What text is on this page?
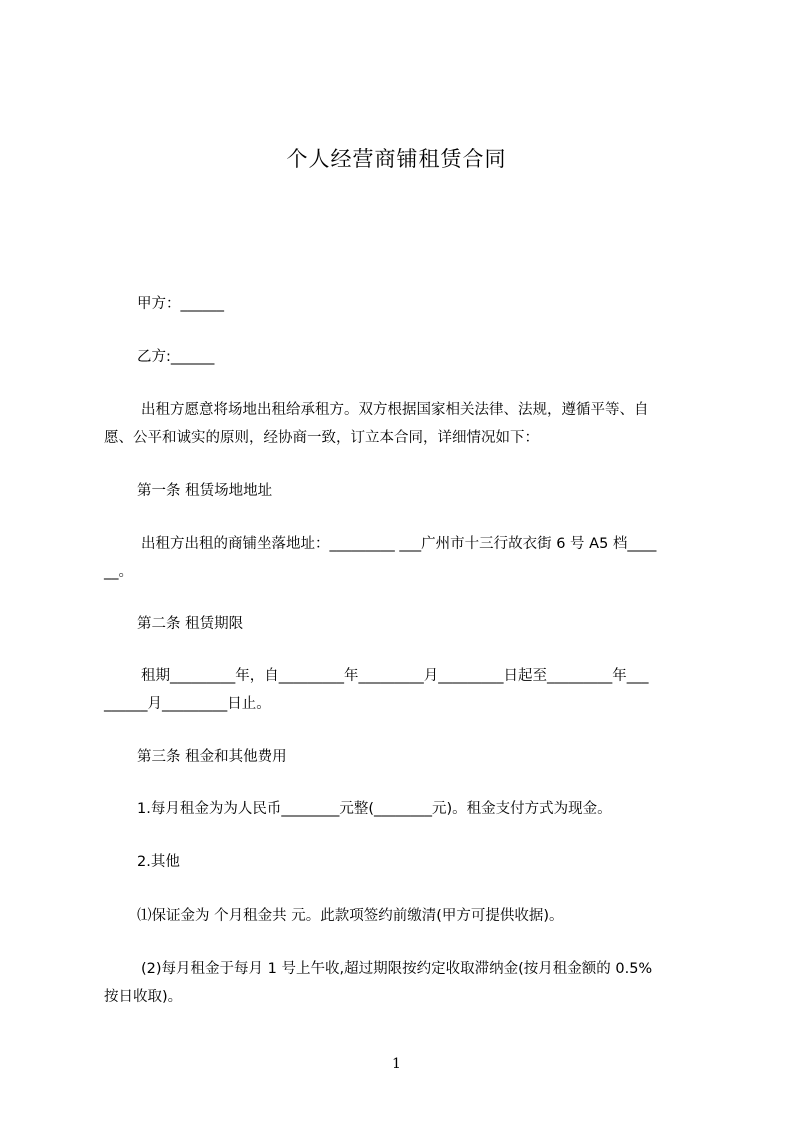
个人经营商铺租赁合同
甲方：______
乙方:______
出租方愿意将场地出租给承租方。双方根据国家相关法律、法规，遵循平等、自
愿、公平和诚实的原则，经协商一致，订立本合同，详细情况如下：
第一条 租赁场地地址
出租方出租的商铺坐落地址：_________ ___广州市十三行故衣街 6 号 A5 档____
__。
第二条 租赁期限
租期_________年，自_________年_________月_________日起至_________年___
______月_________日止。
第三条 租金和其他费用
1.每月租金为为人民币________元整(________元)。租金支付方式为现金。
2.其他
⑴保证金为 个月租金共 元。此款项签约前缴清(甲方可提供收据)。
(2)每月租金于每月 1 号上午收,超过期限按约定收取滞纳金(按月租金额的 0.5%
按日收取)。
1
